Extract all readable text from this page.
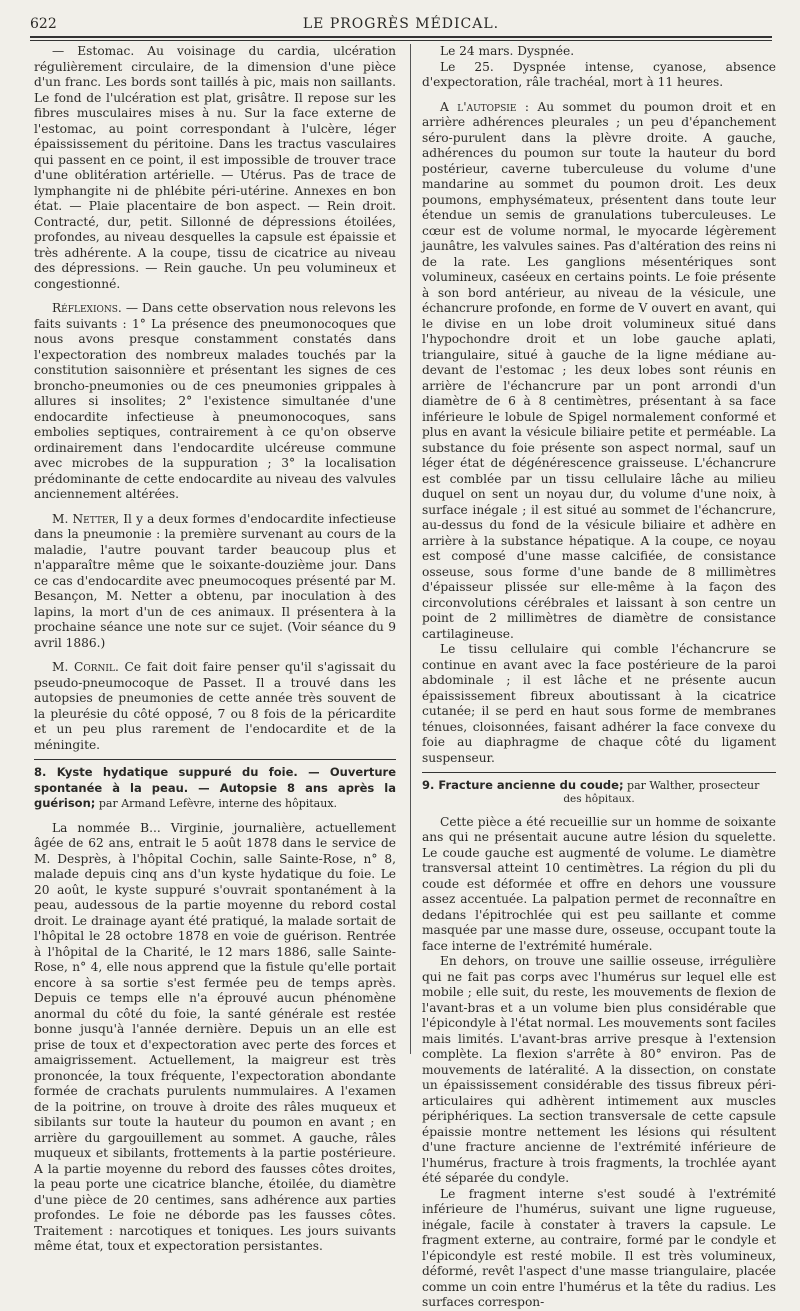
622	LE PROGRÈS MÉDICAL.

— Estomac. Au voisinage du cardia, ulcération régulièrement circulaire, de la dimension d'une pièce d'un franc. Les bords sont taillés à pic, mais non saillants. Le fond de l'ulcération est plat, grisâtre. Il repose sur les fibres musculaires mises à nu. Sur la face externe de l'estomac, au point correspondant à l'ulcère, léger épaississement du péritoine. Dans les tractus vasculaires qui passent en ce point, il est impossible de trouver trace d'une oblitération artérielle. — Utérus. Pas de trace de lymphangite ni de phlébite péri-utérine. Annexes en bon état. — Plaie placentaire de bon aspect. — Rein droit. Contracté, dur, petit. Sillonné de dépressions étoilées, profondes, au niveau desquelles la capsule est épaissie et très adhérente. A la coupe, tissu de cicatrice au niveau des dépressions. — Rein gauche. Un peu volumineux et congestionné.

Réflexions. — Dans cette observation nous relevons les faits suivants : 1° La présence des pneumonocoques que nous avons presque constamment constatés dans l'expectoration des nombreux malades touchés par la constitution saisonnière et présentant les signes de ces broncho-pneumonies ou de ces pneumonies grippales à allures si insolites; 2° l'existence simultanée d'une endocardite infectieuse à pneumonocoques, sans embolies septiques, contrairement à ce qu'on observe ordinairement dans l'endocardite ulcéreuse commune avec microbes de la suppuration ; 3° la localisation prédominante de cette endocardite au niveau des valvules anciennement altérées.

M. Netter, Il y a deux formes d'endocardite infectieuse dans la pneumonie : la première survenant au cours de la maladie, l'autre pouvant tarder beaucoup plus et n'apparaître même que le soixante-douzième jour. Dans ce cas d'endocardite avec pneumocoques présenté par M. Besançon, M. Netter a obtenu, par inoculation à des lapins, la mort d'un de ces animaux. Il présentera à la prochaine séance une note sur ce sujet. (Voir séance du 9 avril 1886.)

M. Cornil. Ce fait doit faire penser qu'il s'agissait du pseudo-pneumocoque de Passet. Il a trouvé dans les autopsies de pneumonies de cette année très souvent de la pleurésie du côté opposé, 7 ou 8 fois de la péricardite et un peu plus rarement de l'endocardite et de la méningite.

8. Kyste hydatique suppuré du foie. — Ouverture spontanée à la peau. — Autopsie 8 ans après la guérison; par Armand Lefèvre, interne des hôpitaux.

La nommée B... Virginie, journalière, actuellement âgée de 62 ans, entrait le 5 août 1878 dans le service de M. Desprès, à l'hôpital Cochin, salle Sainte-Rose, n° 8, malade depuis cinq ans d'un kyste hydatique du foie. Le 20 août, le kyste suppuré s'ouvrait spontanément à la peau, audessous de la partie moyenne du rebord costal droit. Le drainage ayant été pratiqué, la malade sortait de l'hôpital le 28 octobre 1878 en voie de guérison. Rentrée à l'hôpital de la Charité, le 12 mars 1886, salle Sainte-Rose, n° 4, elle nous apprend que la fistule qu'elle portait encore à sa sortie s'est fermée peu de temps après. Depuis ce temps elle n'a éprouvé aucun phénomène anormal du côté du foie, la santé générale est restée bonne jusqu'à l'année dernière. Depuis un an elle est prise de toux et d'expectoration avec perte des forces et amaigrissement. Actuellement, la maigreur est très prononcée, la toux fréquente, l'expectoration abondante formée de crachats purulents nummulaires. A l'examen de la poitrine, on trouve à droite des râles muqueux et sibilants sur toute la hauteur du poumon en avant ; en arrière du gargouillement au sommet. A gauche, râles muqueux et sibilants, frottements à la partie postérieure. A la partie moyenne du rebord des fausses côtes droites, la peau porte une cicatrice blanche, étoilée, du diamètre d'une pièce de 20 centimes, sans adhérence aux parties profondes. Le foie ne déborde pas les fausses côtes. Traitement : narcotiques et toniques. Les jours suivants même état, toux et expectoration persistantes.

Le 24 mars. Dyspnée.

Le 25. Dyspnée intense, cyanose, absence d'expectoration, râle trachéal, mort à 11 heures.

A l'autopsie : Au sommet du poumon droit et en arrière adhérences pleurales ; un peu d'épanchement séro-purulent dans la plèvre droite. A gauche, adhérences du poumon sur toute la hauteur du bord postérieur, caverne tuberculeuse du volume d'une mandarine au sommet du poumon droit. Les deux poumons, emphysémateux, présentent dans toute leur étendue un semis de granulations tuberculeuses. Le cœur est de volume normal, le myocarde légèrement jaunâtre, les valvules saines. Pas d'altération des reins ni de la rate. Les ganglions mésentériques sont volumineux, caséeux en certains points. Le foie présente à son bord antérieur, au niveau de la vésicule, une échancrure profonde, en forme de V ouvert en avant, qui le divise en un lobe droit volumineux situé dans l'hypochondre droit et un lobe gauche aplati, triangulaire, situé à gauche de la ligne médiane au-devant de l'estomac ; les deux lobes sont réunis en arrière de l'échancrure par un pont arrondi d'un diamètre de 6 à 8 centimètres, présentant à sa face inférieure le lobule de Spigel normalement conformé et plus en avant la vésicule biliaire petite et perméable. La substance du foie présente son aspect normal, sauf un léger état de dégénérescence graisseuse. L'échancrure est comblée par un tissu cellulaire lâche au milieu duquel on sent un noyau dur, du volume d'une noix, à surface inégale ; il est situé au sommet de l'échancrure, au-dessus du fond de la vésicule biliaire et adhère en arrière à la substance hépatique. A la coupe, ce noyau est composé d'une masse calcifiée, de consistance osseuse, sous forme d'une bande de 8 millimètres d'épaisseur plissée sur elle-même à la façon des circonvolutions cérébrales et laissant à son centre un point de 2 millimètres de diamètre de consistance cartilagineuse.

Le tissu cellulaire qui comble l'échancrure se continue en avant avec la face postérieure de la paroi abdominale ; il est lâche et ne présente aucun épaississement fibreux aboutissant à la cicatrice cutanée; il se perd en haut sous forme de membranes ténues, cloisonnées, faisant adhérer la face convexe du foie au diaphragme de chaque côté du ligament suspenseur.

9. Fracture ancienne du coude; par Walther, prosecteur

des hôpitaux.

Cette pièce a été recueillie sur un homme de soixante ans qui ne présentait aucune autre lésion du squelette. Le coude gauche est augmenté de volume. Le diamètre transversal atteint 10 centimètres. La région du pli du coude est déformée et offre en dehors une voussure assez accentuée. La palpation permet de reconnaître en dedans l'épitrochlée qui est peu saillante et comme masquée par une masse dure, osseuse, occupant toute la face interne de l'extrémité humérale.

En dehors, on trouve une saillie osseuse, irrégulière qui ne fait pas corps avec l'humérus sur lequel elle est mobile ; elle suit, du reste, les mouvements de flexion de l'avant-bras et a un volume bien plus considérable que l'épicondyle à l'état normal. Les mouvements sont faciles mais limités. L'avant-bras arrive presque à l'extension complète. La flexion s'arrête à 80° environ. Pas de mouvements de latéralité. A la dissection, on constate un épaississement considérable des tissus fibreux péri-articulaires qui adhèrent intimement aux muscles périphériques. La section transversale de cette capsule épaissie montre nettement les lésions qui résultent d'une fracture ancienne de l'extrémité inférieure de l'humérus, fracture à trois fragments, la trochlée ayant été séparée du condyle.

Le fragment interne s'est soudé à l'extrémité inférieure de l'humérus, suivant une ligne rugueuse, inégale, facile à constater à travers la capsule. Le fragment externe, au contraire, formé par le condyle et l'épicondyle est resté mobile. Il est très volumineux, déformé, revêt l'aspect d'une masse triangulaire, placée comme un coin entre l'humérus et la tête du radius. Les surfaces correspon-
